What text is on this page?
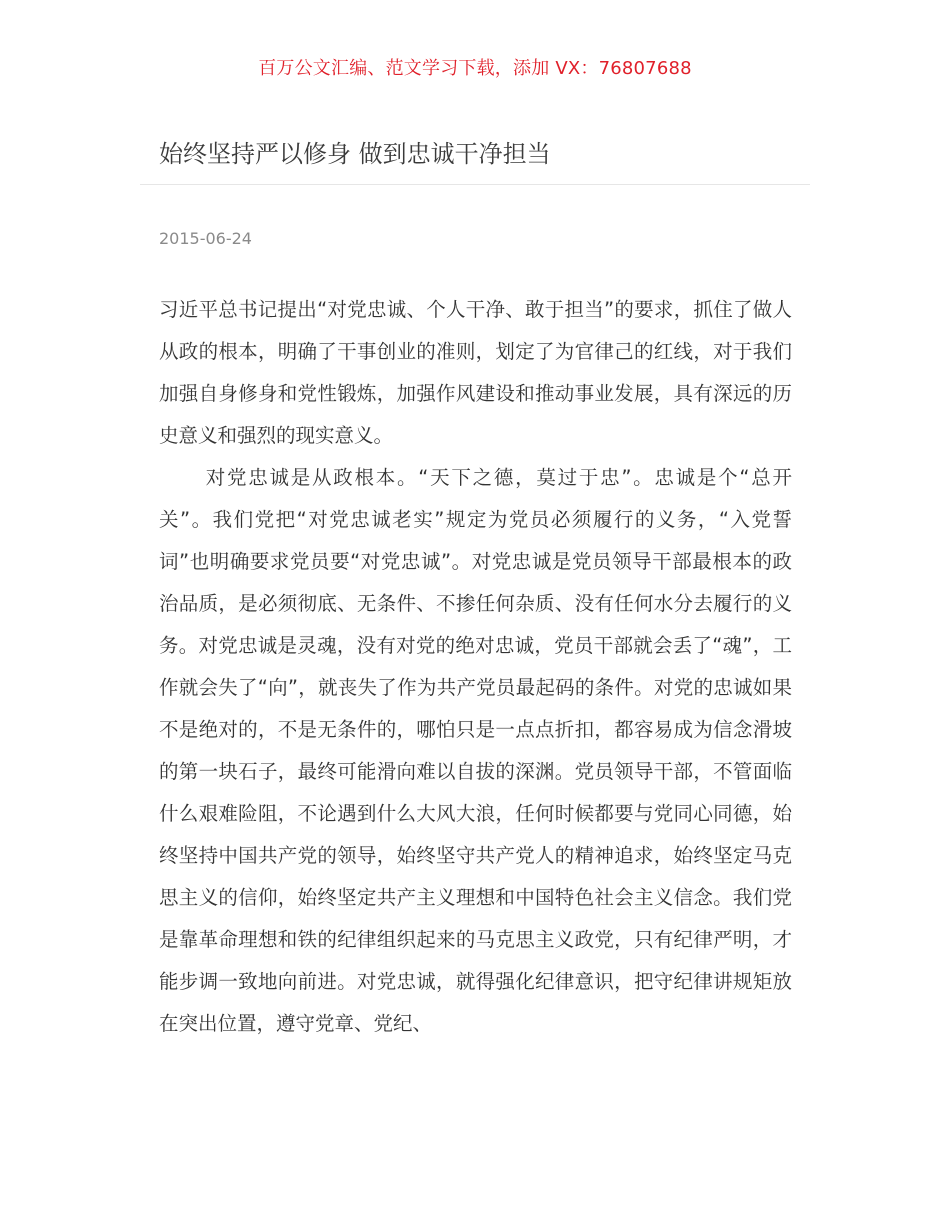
百万公文汇编、范文学习下载，添加 VX：76807688
始终坚持严以修身 做到忠诚干净担当
2015-06-24

习近平总书记提出“对党忠诚、个人干净、敢于担当”的要求，抓住了做人从政的根本，明确了干事创业的准则，划定了为官律己的红线，对于我们加强自身修身和党性锻炼，加强作风建设和推动事业发展，具有深远的历史意义和强烈的现实意义。

对党忠诚是从政根本。“天下之德，莫过于忠”。忠诚是个“总开关”。我们党把“对党忠诚老实”规定为党员必须履行的义务，“入党誓词”也明确要求党员要“对党忠诚”。对党忠诚是党员领导干部最根本的政治品质，是必须彻底、无条件、不掺任何杂质、没有任何水分去履行的义务。对党忠诚是灵魂，没有对党的绝对忠诚，党员干部就会丢了“魂”，工作就会失了“向”，就丧失了作为共产党员最起码的条件。对党的忠诚如果不是绝对的，不是无条件的，哪怕只是一点点折扣，都容易成为信念滑坡的第一块石子，最终可能滑向难以自拔的深渊。党员领导干部，不管面临什么艰难险阻，不论遇到什么大风大浪，任何时候都要与党同心同德，始终坚持中国共产党的领导，始终坚守共产党人的精神追求，始终坚定马克思主义的信仰，始终坚定共产主义理想和中国特色社会主义信念。我们党是靠革命理想和铁的纪律组织起来的马克思主义政党，只有纪律严明，才能步调一致地向前进。对党忠诚，就得强化纪律意识，把守纪律讲规矩放在突出位置，遵守党章、党纪、
